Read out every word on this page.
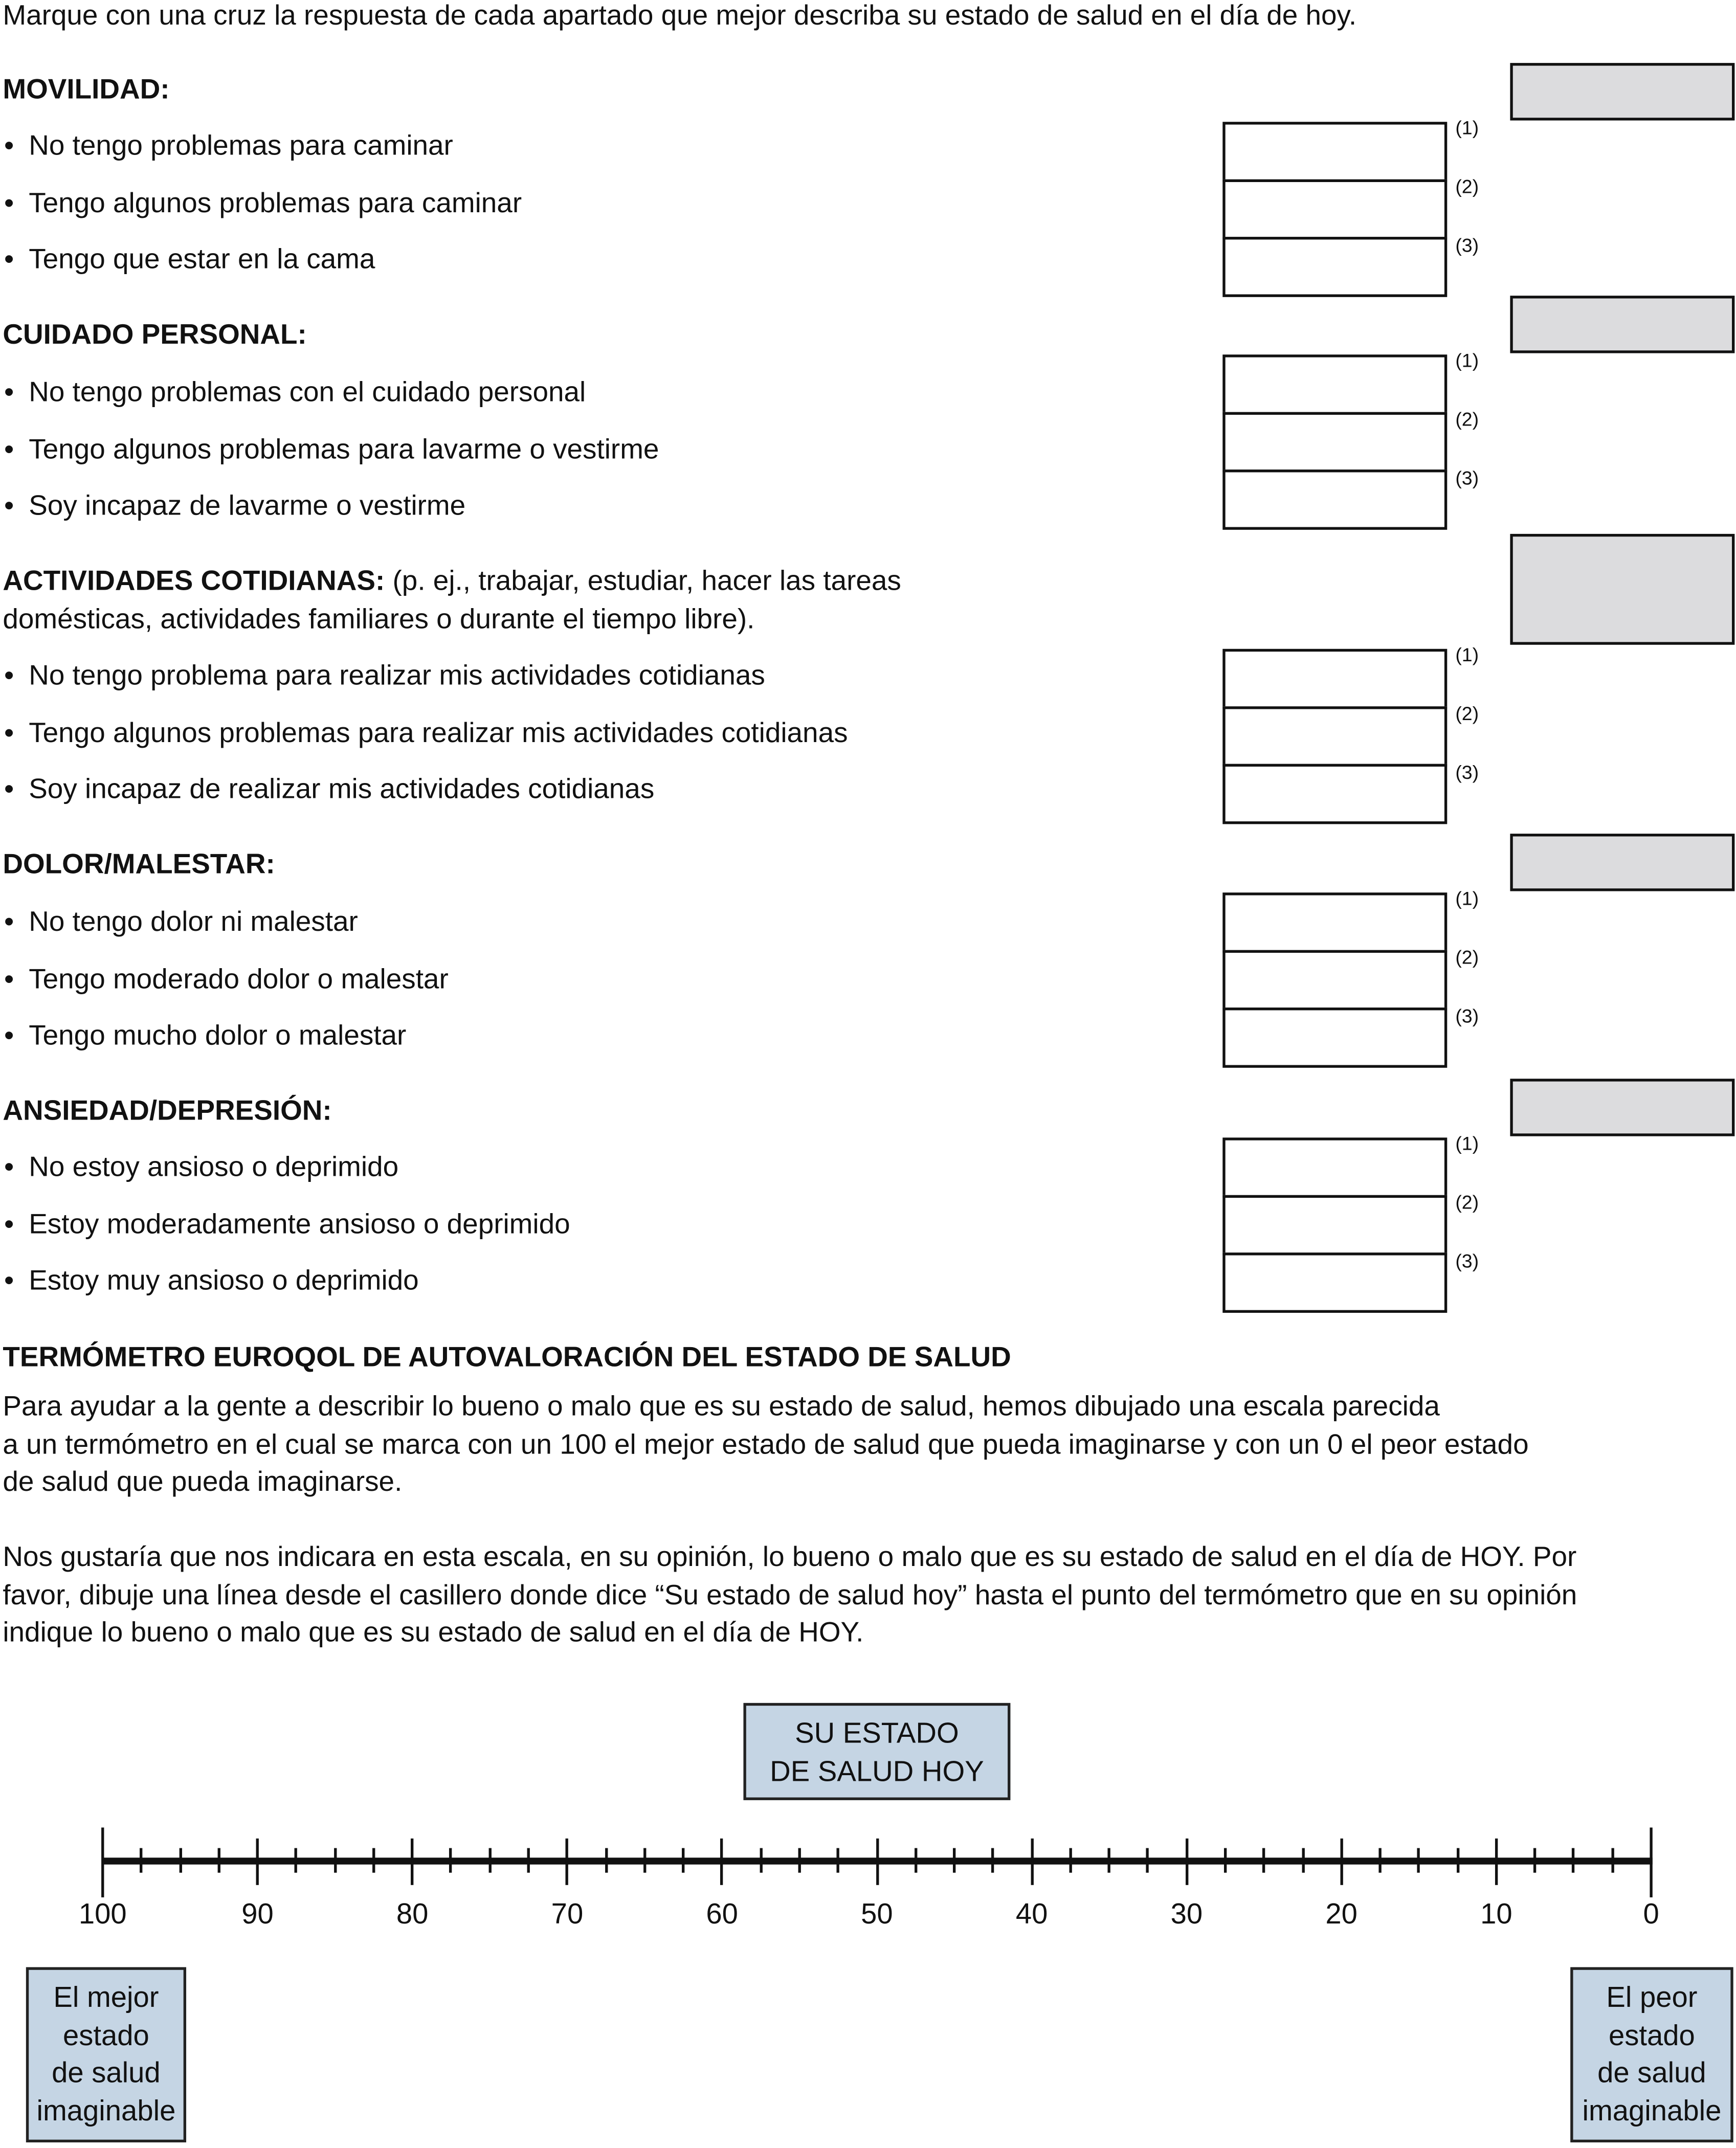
Marque con una cruz la respuesta de cada apartado que mejor describa su estado de salud en el día de hoy.
MOVILIDAD:
• No tengo problemas para caminar
(1)
• Tengo algunos problemas para caminar
(2)
• Tengo que estar en la cama	(3)
CUIDADO PERSONAL:
• No tengo problemas con el cuidado personal
(1)
• Tengo algunos problemas para lavarme o vestirme
(2)
• Soy incapaz de lavarme o vestirme
(3)
ACTIVIDADES COTIDIANAS: (p. ej., trabajar, estudiar, hacer las tareas
domésticas, actividades familiares o durante el tiempo libre).
• No tengo problema para realizar mis actividades cotidianas
(1)
• Tengo algunos problemas para realizar mis actividades cotidianas
(2)
• Soy incapaz de realizar mis actividades cotidianas
(3)
DOLOR/MALESTAR:
• No tengo dolor ni malestar
(1)
• Tengo moderado dolor o malestar
(2)
• Tengo mucho dolor o malestar
(3)
ANSIEDAD/DEPRESIÓN:
• No estoy ansioso o deprimido
(1)
• Estoy moderadamente ansioso o deprimido
(2)
• Estoy muy ansioso o deprimido
(3)
TERMÓMETRO EUROQOL DE AUTOVALORACIÓN DEL ESTADO DE SALUD
Para ayudar a la gente a describir lo bueno o malo que es su estado de salud, hemos dibujado una escala parecida
a un termómetro en el cual se marca con un 100 el mejor estado de salud que pueda imaginarse y con un 0 el peor estado
de salud que pueda imaginarse.
Nos gustaría que nos indicara en esta escala, en su opinión, lo bueno o malo que es su estado de salud en el día de HOY. Por
favor, dibuje una línea desde el casillero donde dice “Su estado de salud hoy” hasta el punto del termómetro que en su opinión
indique lo bueno o malo que es su estado de salud en el día de HOY.
SU ESTADO
DE SALUD HOY
100	90	80	70	60	50	40	30	20	10	0
El mejor
estado
de salud
imaginable
El peor
estado
de salud
imaginable
